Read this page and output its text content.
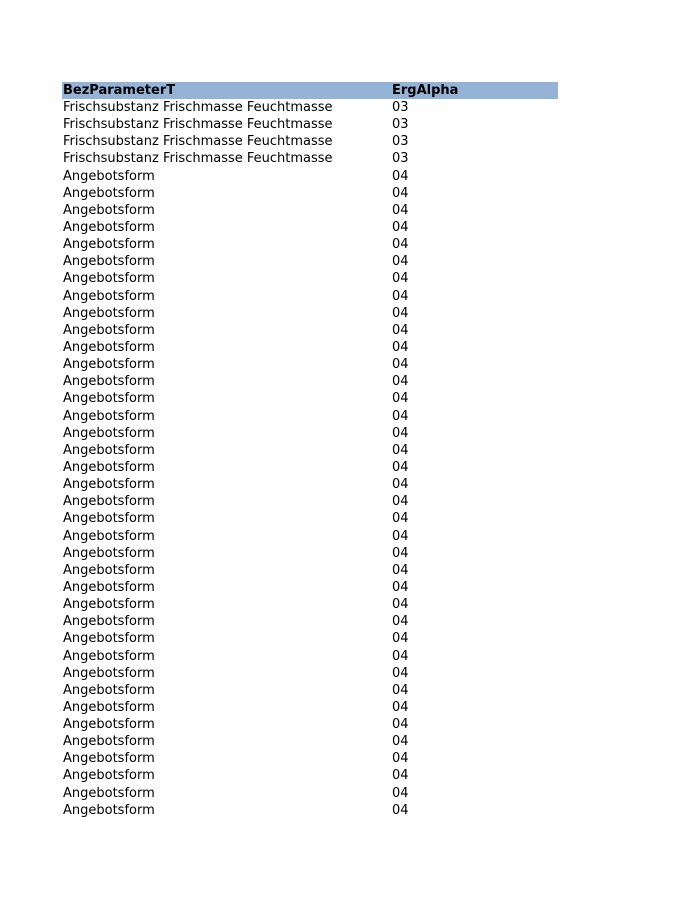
BezParameterT	ErgAlpha
Frischsubstanz Frischmasse Feuchtmasse	03
Frischsubstanz Frischmasse Feuchtmasse	03
Frischsubstanz Frischmasse Feuchtmasse	03
Frischsubstanz Frischmasse Feuchtmasse	03
Angebotsform	04
Angebotsform	04
Angebotsform	04
Angebotsform	04
Angebotsform	04
Angebotsform	04
Angebotsform	04
Angebotsform	04
Angebotsform	04
Angebotsform	04
Angebotsform	04
Angebotsform	04
Angebotsform	04
Angebotsform	04
Angebotsform	04
Angebotsform	04
Angebotsform	04
Angebotsform	04
Angebotsform	04
Angebotsform	04
Angebotsform	04
Angebotsform	04
Angebotsform	04
Angebotsform	04
Angebotsform	04
Angebotsform	04
Angebotsform	04
Angebotsform	04
Angebotsform	04
Angebotsform	04
Angebotsform	04
Angebotsform	04
Angebotsform	04
Angebotsform	04
Angebotsform	04
Angebotsform	04
Angebotsform	04
Angebotsform	04
